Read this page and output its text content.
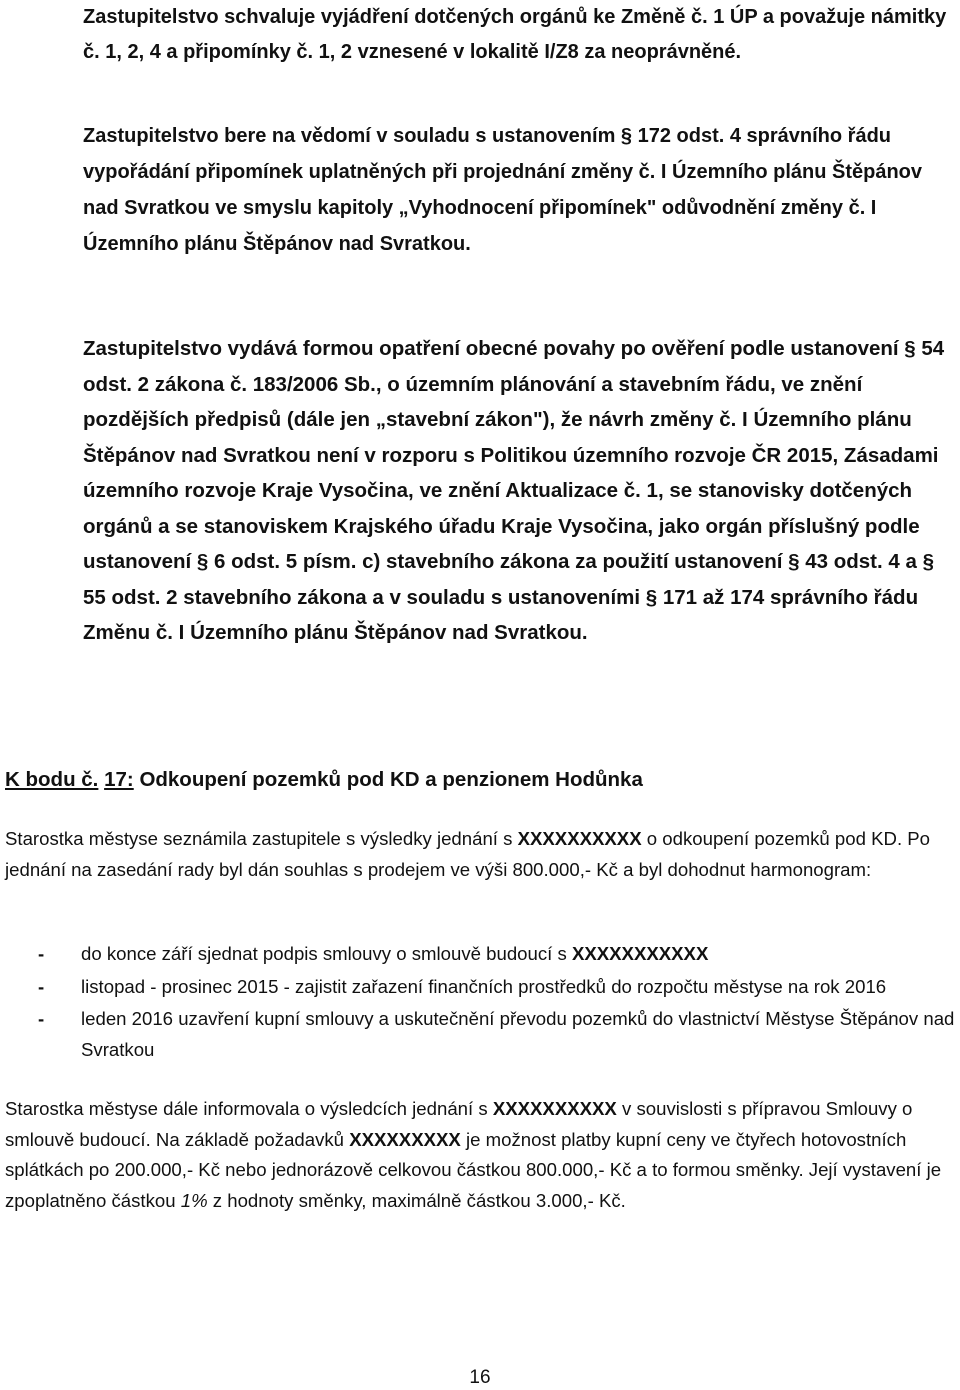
Zastupitelstvo schvaluje vyjádření dotčených orgánů ke Změně č. 1 ÚP a považuje námitky č. 1, 2, 4 a připomínky č. 1, 2 vznesené v lokalitě I/Z8 za neoprávněné.
Zastupitelstvo bere na vědomí v souladu s ustanovením § 172 odst. 4 správního řádu vypořádání připomínek uplatněných při projednání změny č. I Územního plánu Štěpánov nad Svratkou ve smyslu kapitoly „Vyhodnocení připomínek" odůvodnění změny č. I Územního plánu Štěpánov nad Svratkou.
Zastupitelstvo vydává formou opatření obecné povahy po ověření podle ustanovení § 54 odst. 2 zákona č. 183/2006 Sb., o územním plánování a stavebním řádu, ve znění pozdějších předpisů (dále jen „stavební zákon"), že návrh změny č. I Územního plánu Štěpánov nad Svratkou není v rozporu s Politikou územního rozvoje ČR 2015, Zásadami územního rozvoje Kraje Vysočina, ve znění Aktualizace č. 1, se stanovisky dotčených orgánů a se stanoviskem Krajského úřadu Kraje Vysočina, jako orgán příslušný podle ustanovení § 6 odst. 5 písm. c) stavebního zákona za použití ustanovení § 43 odst. 4 a § 55 odst. 2 stavebního zákona a v souladu s ustanoveními § 171 až 174 správního řádu Změnu č. I Územního plánu Štěpánov nad Svratkou.
K bodu č. 17: Odkoupení pozemků pod KD a penzionem Hodůnka
Starostka městyse seznámila zastupitele s výsledky jednání s XXXXXXXXXX o odkoupení pozemků pod KD. Po jednání na zasedání rady byl dán souhlas s prodejem ve výši 800.000,- Kč a byl dohodnut harmonogram:
- do konce září sjednat podpis smlouvy o smlouvě budoucí s XXXXXXXXXXX
- listopad - prosinec 2015 - zajistit zařazení finančních prostředků do rozpočtu městyse na rok 2016
- leden 2016 uzavření kupní smlouvy a uskutečnění převodu pozemků do vlastnictví Městyse Štěpánov nad Svratkou
Starostka městyse dále informovala o výsledcích jednání s XXXXXXXXXX v souvislosti s přípravou Smlouvy o smlouvě budoucí. Na základě požadavků XXXXXXXXX je možnost platby kupní ceny ve čtyřech hotovostních splátkách po 200.000,- Kč nebo jednorázově celkovou částkou 800.000,- Kč a to formou směnky. Její vystavení je zpoplatněno částkou 1% z hodnoty směnky, maximálně částkou 3.000,- Kč.
16
